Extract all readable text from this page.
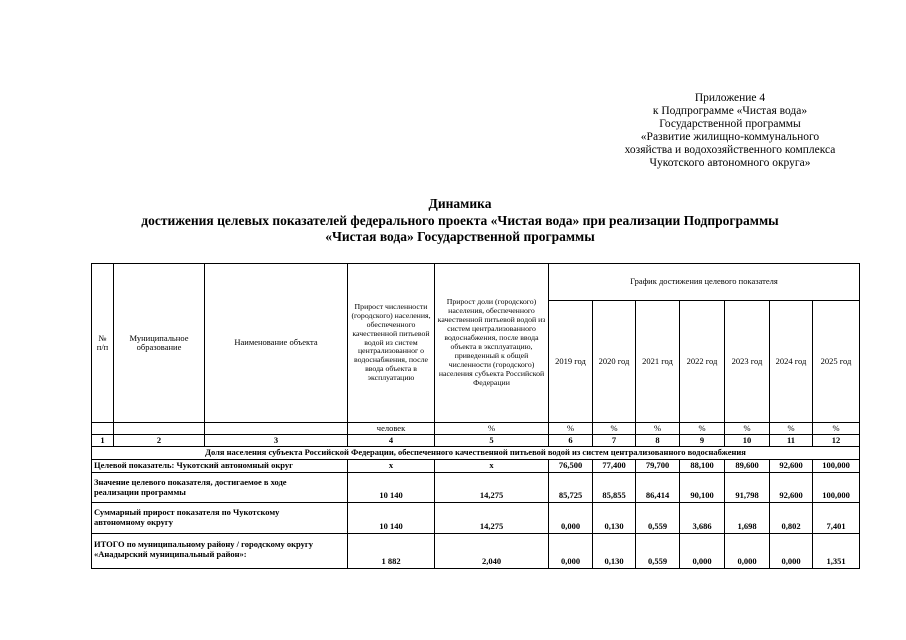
Приложение 4
к Подпрограмме «Чистая вода»
Государственной программы
«Развитие жилищно-коммунального
хозяйства и водохозяйственного комплекса
Чукотского автономного округа»
Динамика
достижения целевых показателей федерального проекта «Чистая вода» при реализации Подпрограммы
«Чистая вода» Государственной программы
№ п/п	Муниципальное образование	Наименование объекта	Прирост численности (городского) населения, обеспеченного качественной питьевой водой из систем централизованног о водоснабжения, после ввода объекта в эксплуатацию	Прирост доли (городского) населения, обеспеченного качественной питьевой водой из систем централизованного водоснабжения, после ввода объекта в эксплуатацию, приведенный к общей численности (городского) населения субъекта Российской Федерации	График достижения целевого показателя						
					2019 год	2020 год	2021 год	2022 год	2023 год	2024 год	2025 год
			человек	%	%	%	%	%	%	%	%
1	2	3	4	5	6	7	8	9	10	11	12
Доля населения субъекта Российской Федерации, обеспеченного качественной питьевой водой из систем централизованного водоснабжения											
Целевой показатель: Чукотский автономный округ			x	x	76,500	77,400	79,700	88,100	89,600	92,600	100,000

Значение целевого показателя, достигаемое в ходе реализации программы			10 140	14,275	85,725	85,855	86,414	90,100	91,798	92,600	100,000

Суммарный прирост показателя по Чукотскому автономному округу			10 140	14,275	0,000	0,130	0,559	3,686	1,698	0,802	7,401

ИТОГО по муниципальному району / городскому округу «Анадырский муниципальный район»:			1 882	2,040	0,000	0,130	0,559	0,000	0,000	0,000	1,351
